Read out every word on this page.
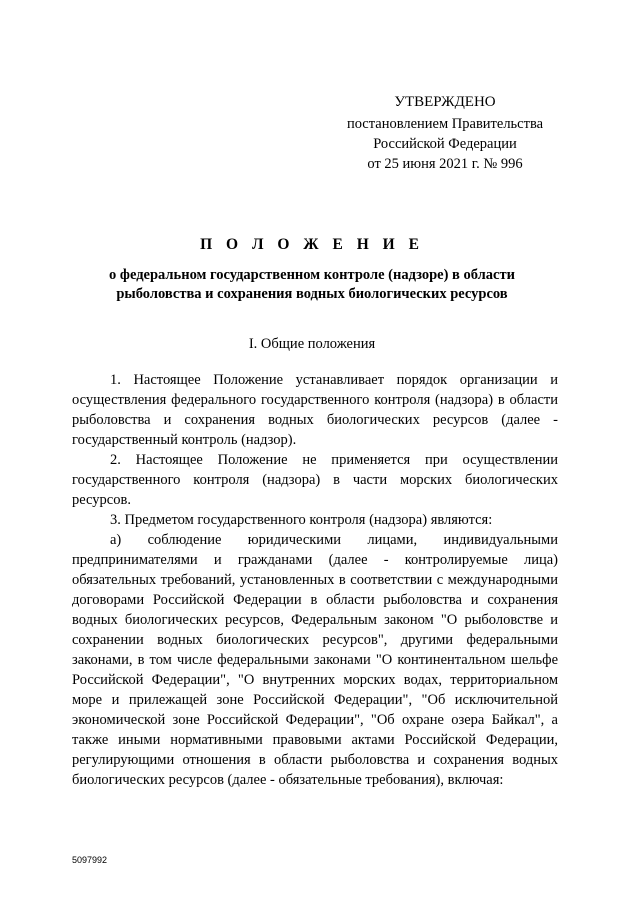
УТВЕРЖДЕНО
постановлением Правительства
Российской Федерации
от 25 июня 2021 г. № 996
П О Л О Ж Е Н И Е
о федеральном государственном контроле (надзоре) в области
рыболовства и сохранения водных биологических ресурсов
I. Общие положения

1. Настоящее Положение устанавливает порядок организации и осуществления федерального государственного контроля (надзора) в области рыболовства и сохранения водных биологических ресурсов (далее - государственный контроль (надзор).

2. Настоящее Положение не применяется при осуществлении государственного контроля (надзора) в части морских биологических ресурсов.

3. Предметом государственного контроля (надзора) являются:

а) соблюдение юридическими лицами, индивидуальными предпринимателями и гражданами (далее - контролируемые лица) обязательных требований, установленных в соответствии с международными договорами Российской Федерации в области рыболовства и сохранения водных биологических ресурсов, Федеральным законом "О рыболовстве и сохранении водных биологических ресурсов", другими федеральными законами, в том числе федеральными законами "О континентальном шельфе Российской Федерации", "О внутренних морских водах, территориальном море и прилежащей зоне Российской Федерации", "Об исключительной экономической зоне Российской Федерации", "Об охране озера Байкал", а также иными нормативными правовыми актами Российской Федерации, регулирующими отношения в области рыболовства и сохранения водных биологических ресурсов (далее - обязательные требования), включая:

5097992
